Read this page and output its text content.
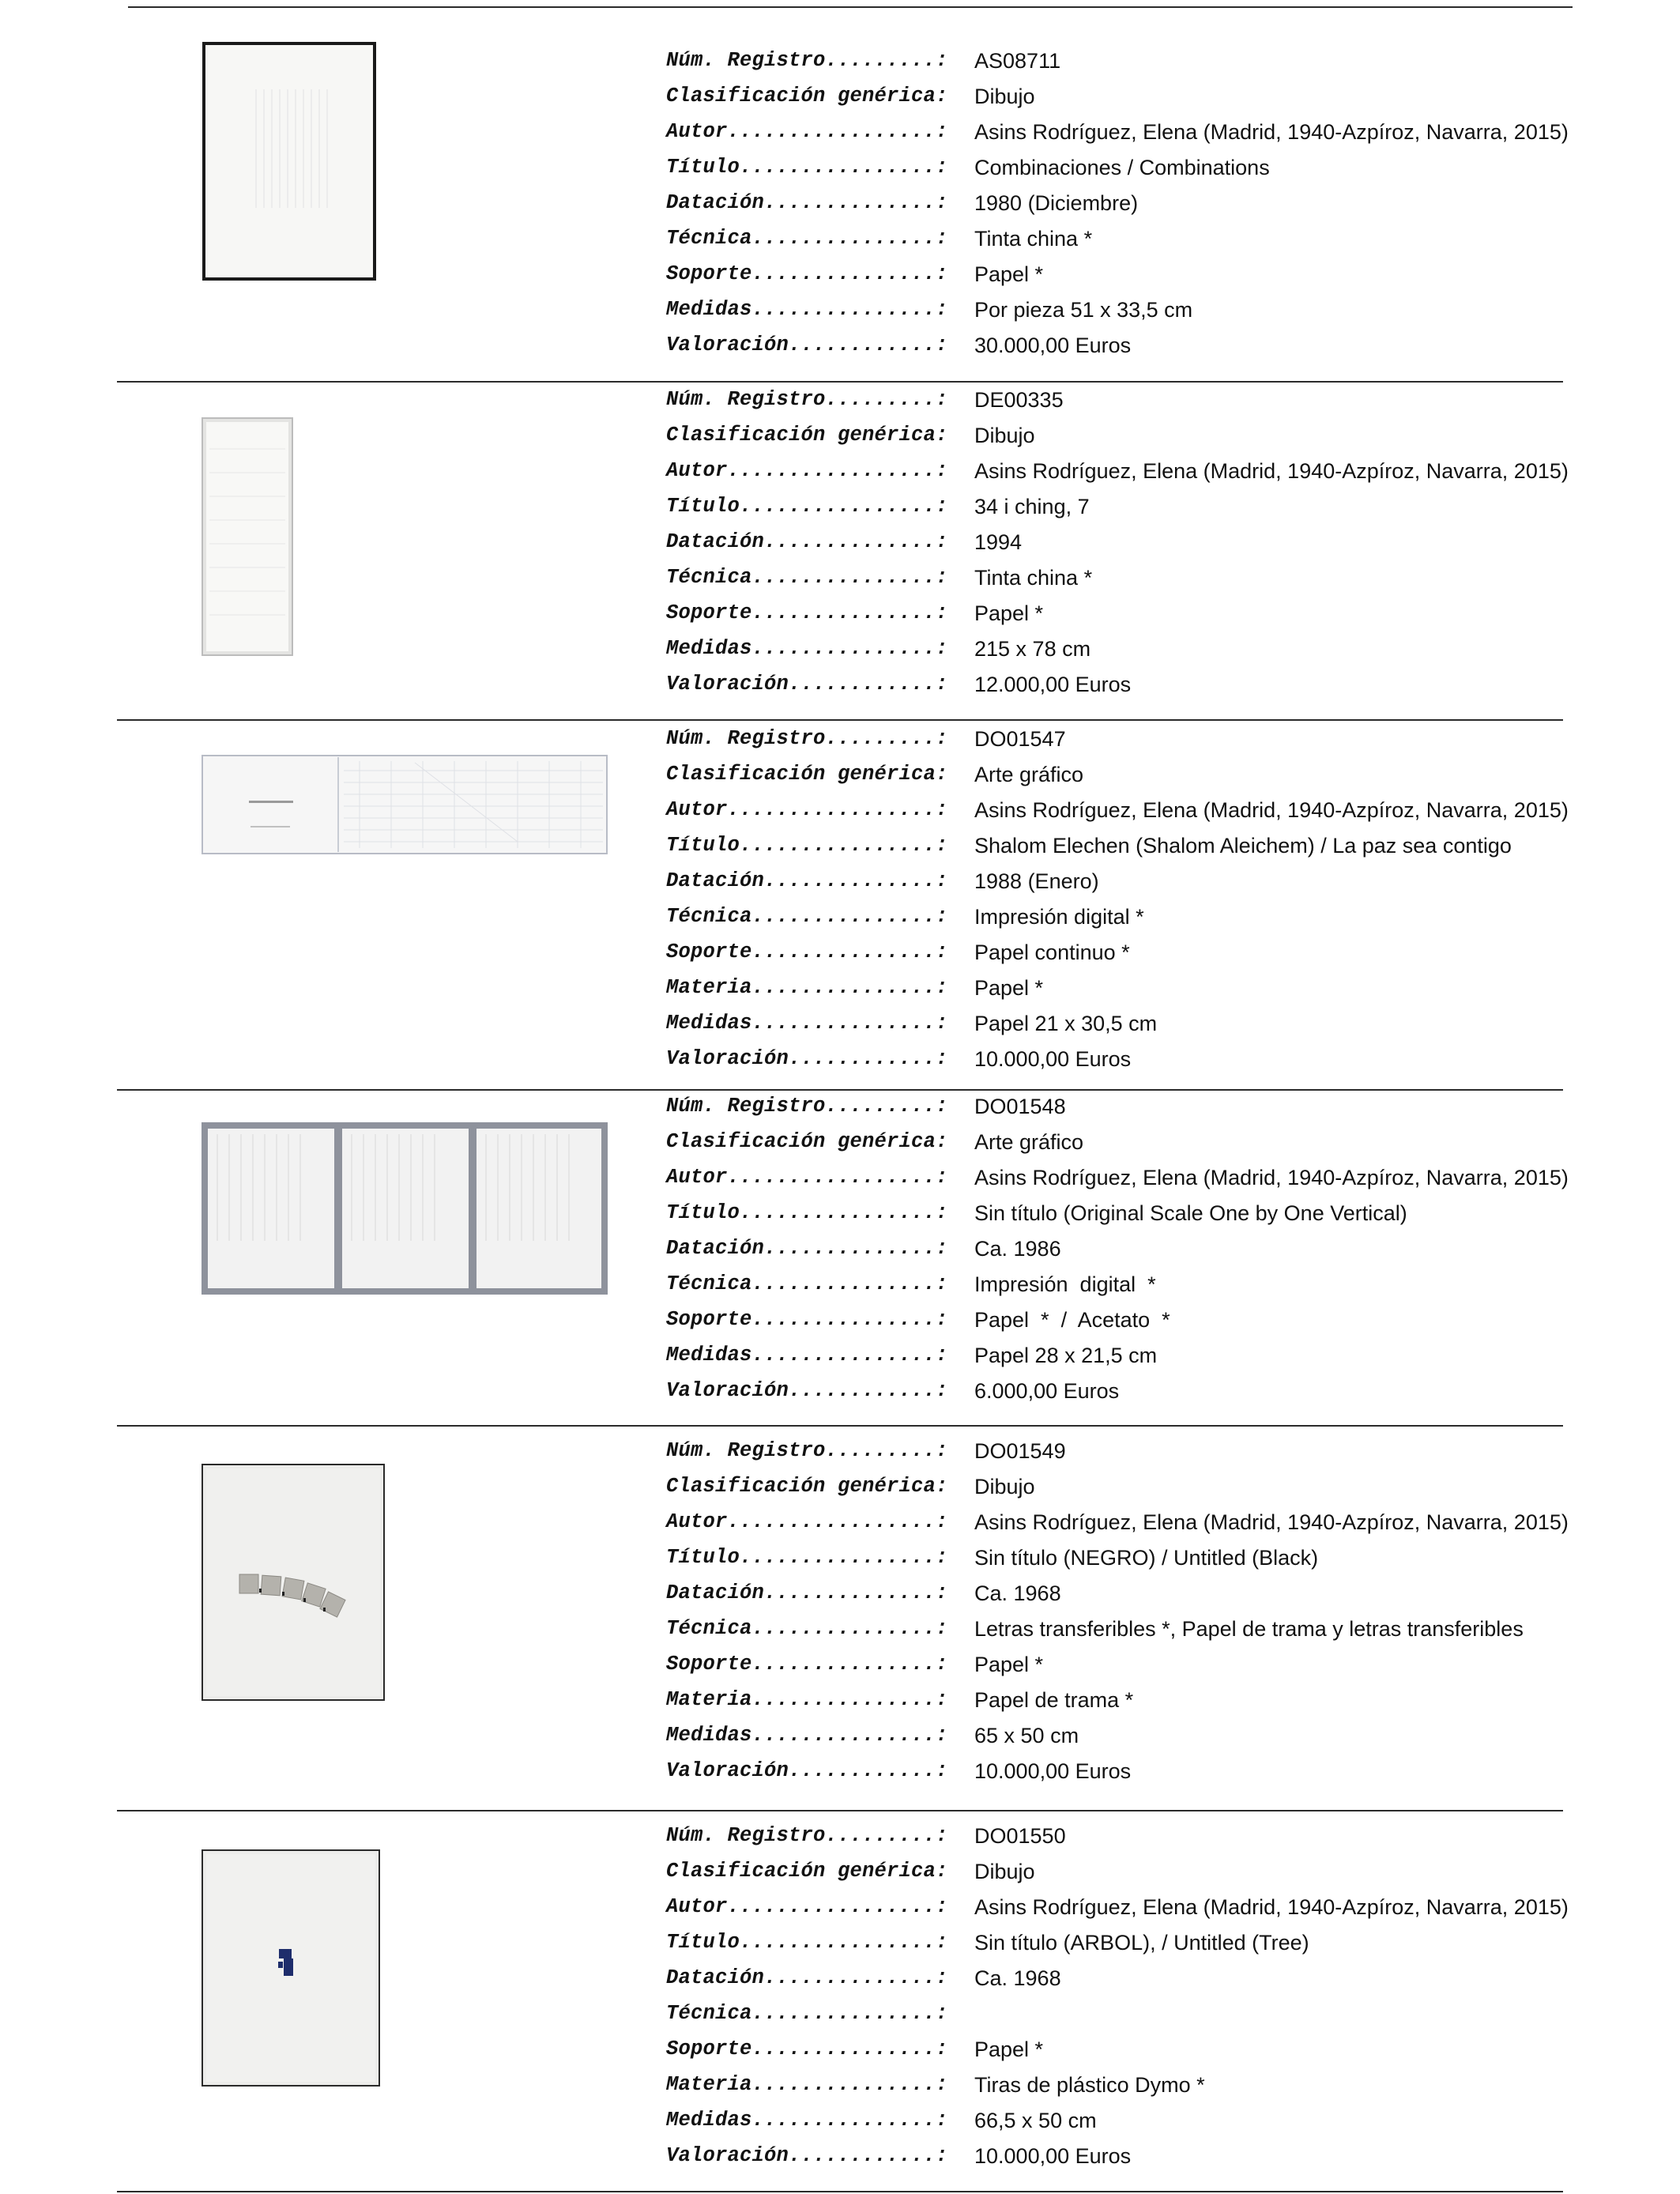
Núm. Registro.........: AS08711
Clasificación genérica: Dibujo
Autor.................: Asins Rodríguez, Elena (Madrid, 1940-Azpíroz, Navarra, 2015)
Título................: Combinaciones / Combinations
Datación..............: 1980 (Diciembre)
Técnica...............: Tinta china *
Soporte...............: Papel *
Medidas...............: Por pieza 51 x 33,5 cm
Valoración............: 30.000,00 Euros
Núm. Registro.........: DE00335
Clasificación genérica: Dibujo
Autor.................: Asins Rodríguez, Elena (Madrid, 1940-Azpíroz, Navarra, 2015)
Título................: 34 i ching, 7
Datación..............: 1994
Técnica...............: Tinta china *
Soporte...............: Papel *
Medidas...............: 215 x 78 cm
Valoración............: 12.000,00 Euros
Núm. Registro.........: DO01547
Clasificación genérica: Arte gráfico
Autor.................: Asins Rodríguez, Elena (Madrid, 1940-Azpíroz, Navarra, 2015)
Título................: Shalom Elechen (Shalom Aleichem) / La paz sea contigo
Datación..............: 1988 (Enero)
Técnica...............: Impresión digital *
Soporte...............: Papel continuo *
Materia...............: Papel *
Medidas...............: Papel 21 x 30,5 cm
Valoración............: 10.000,00 Euros
Núm. Registro.........: DO01548
Clasificación genérica: Arte gráfico
Autor.................: Asins Rodríguez, Elena (Madrid, 1940-Azpíroz, Navarra, 2015)
Título................: Sin título (Original Scale One by One Vertical)
Datación..............: Ca. 1986
Técnica...............: Impresión  digital  *
Soporte...............: Papel  *  /  Acetato  *
Medidas...............: Papel 28 x 21,5 cm
Valoración............: 6.000,00 Euros
Núm. Registro.........: DO01549
Clasificación genérica: Dibujo
Autor.................: Asins Rodríguez, Elena (Madrid, 1940-Azpíroz, Navarra, 2015)
Título................: Sin título (NEGRO) / Untitled (Black)
Datación..............: Ca. 1968
Técnica...............: Letras transferibles *, Papel de trama y letras transferibles
Soporte...............: Papel *
Materia...............: Papel de trama *
Medidas...............: 65 x 50 cm
Valoración............: 10.000,00 Euros
Núm. Registro.........: DO01550
Clasificación genérica: Dibujo
Autor.................: Asins Rodríguez, Elena (Madrid, 1940-Azpíroz, Navarra, 2015)
Título................: Sin título (ARBOL), / Untitled (Tree)
Datación..............: Ca. 1968
Técnica...............:
Soporte...............: Papel *
Materia...............: Tiras de plástico Dymo *
Medidas...............: 66,5 x 50 cm
Valoración............: 10.000,00 Euros
